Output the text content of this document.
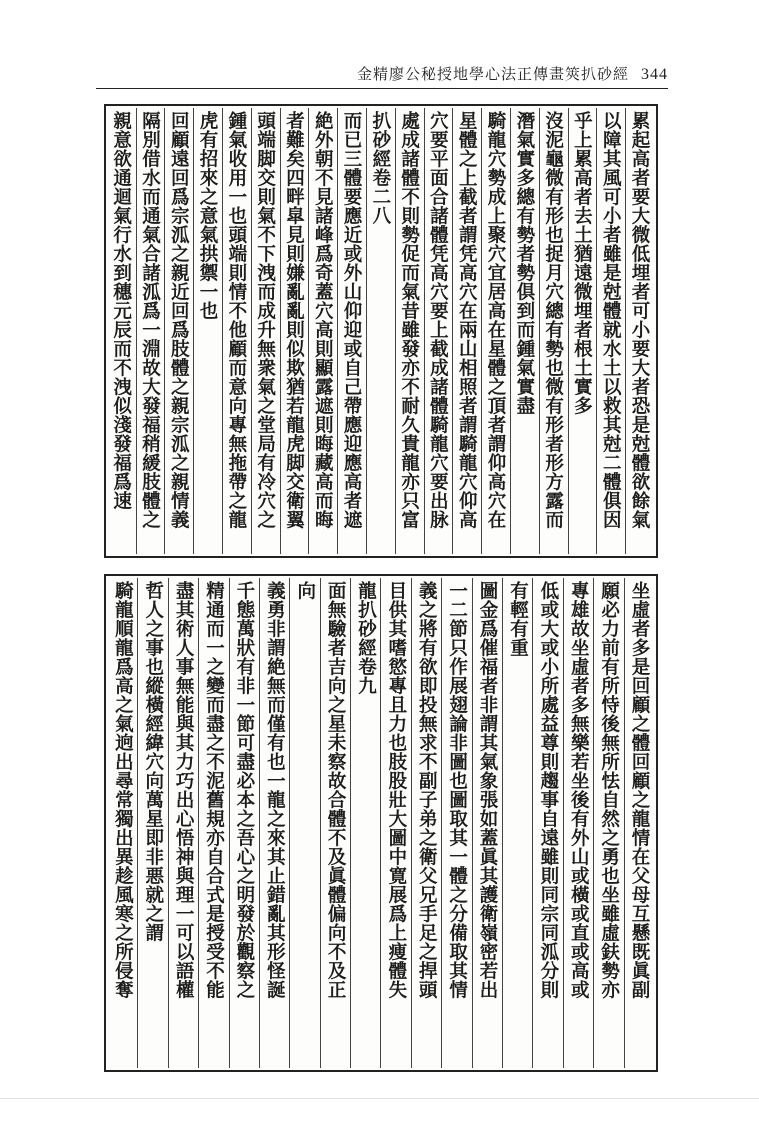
金精廖公秘授地學心法正傳畫筴扒砂經 344
累起高者要大微低埋者可小要大者恐是尅體欲餘氣
以障其風可小者雖是尅體就水土以救其尅二體俱因
乎上累高者去土猶遠微埋者根土實多
沒泥龜微有形也捉月穴總有勢也微有形者形方露而
潛氣實多總有勢者勢俱到而鍾氣實盡
騎龍穴勢成上聚穴宜居高在星體之頂者謂仰高穴在
星體之上截者謂凭高穴在兩山相照者謂騎龍穴仰高
穴要平面合諸體凭高穴要上截成諸體騎龍穴要出脉
處成諸體不則勢促而氣昔雖發亦不耐久貴龍亦只富
扒砂經卷二八
而已三體要應近或外山仰迎或自己帶應迎應高者遮
絶外朝不見諸峰爲奇蓋穴高則顯露遮則晦藏高而晦
者難矣四畔皐見則嫌亂亂則似欺猶若龍虎脚交衛翼
頭端脚交則氣不下洩而成升無衆氣之堂局有冷穴之
鍾氣收用一也頭端則情不他顧而意向專無拖帶之龍
虎有招來之意氣拱禦一也
回顧遠回爲宗泒之親近回爲肢體之親宗泒之親情義
隔別借水而通氣合諸泒爲一淵故大發福稍緩肢體之
親意欲通迴氣行水到穗元辰而不洩似淺發福爲速
坐虛者多是回顧之體回顧之龍情在父母互懸既眞副
願必力前有所恃後無所怯自然之勇也坐雖虛鈇勢亦
專雄故坐虛者多無樂若坐後有外山或橫或直或高或
低或大或小所處益尊則趨事自遠雖則同宗同泒分則
有輕有重
圖金爲催福者非謂其氣象張如蓋眞其護衛嶺密若出
一二節只作展翅論非圖也圖取其一體之分備取其情
義之將有欲即投無求不副子弟之衛父兄手足之捍頭
目供其嗜慾專且力也肢股壯大圖中寛展爲上痩體失
龍扒砂經卷九
面無驗者吉向之星未察故合體不及眞體偏向不及正
向
義勇非謂絶無而僅有也一龍之來其止錯亂其形怪誕
千態萬狀有非一節可盡必本之吾心之明發於觀察之
精通而一之變而盡之不泥舊規亦自合式是授受不能
盡其術人事無能與其力巧出心悟神與理一可以語權
哲人之事也縱橫經緯穴向萬星即非悪就之謂
騎龍順龍爲高之氣逈出尋常獨出異趁風寒之所侵奪
